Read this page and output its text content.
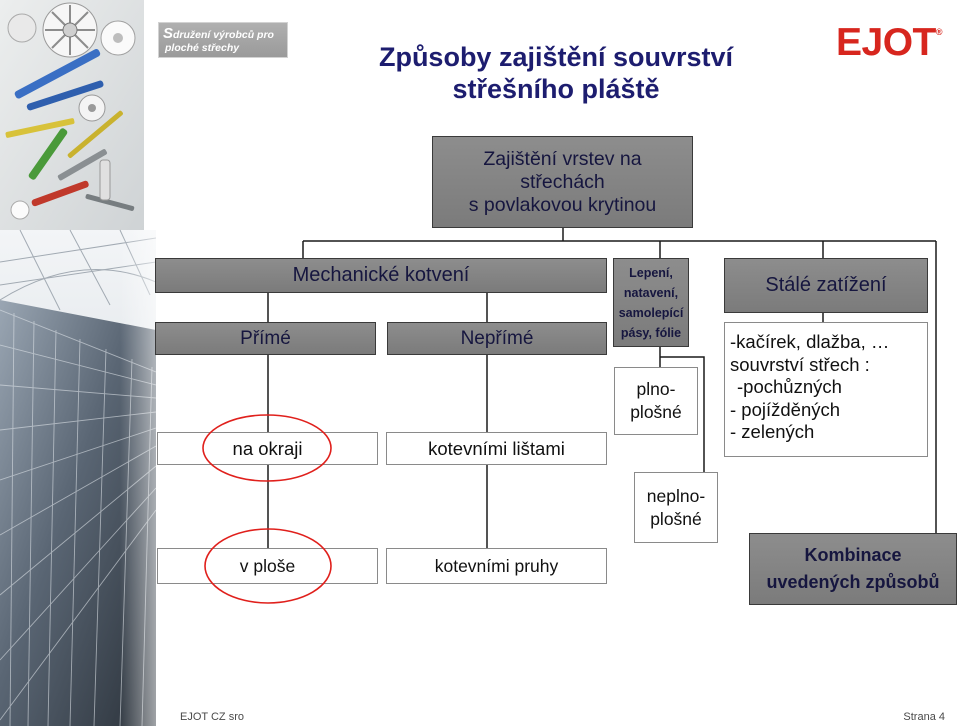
Sdružení výrobců pro
ploché střechy	EJOT®
Způsoby zajištění souvrství
střešního pláště
Zajištění vrstev na
střechách
s povlakovou krytinou
Mechanické kotvení
Přímé	Nepřímé
na okraji	kotevními lištami
v ploše	kotevními pruhy
Lepení,
natavení,
samolepící
pásy, fólie
plno-
plošné
neplno-
plošné
Stálé zatížení
-kačírek, dlažba, …
souvrství střech :
-pochůzných
- pojížděných
- zelených
Kombinace
uvedených způsobů
EJOT CZ sro	Strana 4
